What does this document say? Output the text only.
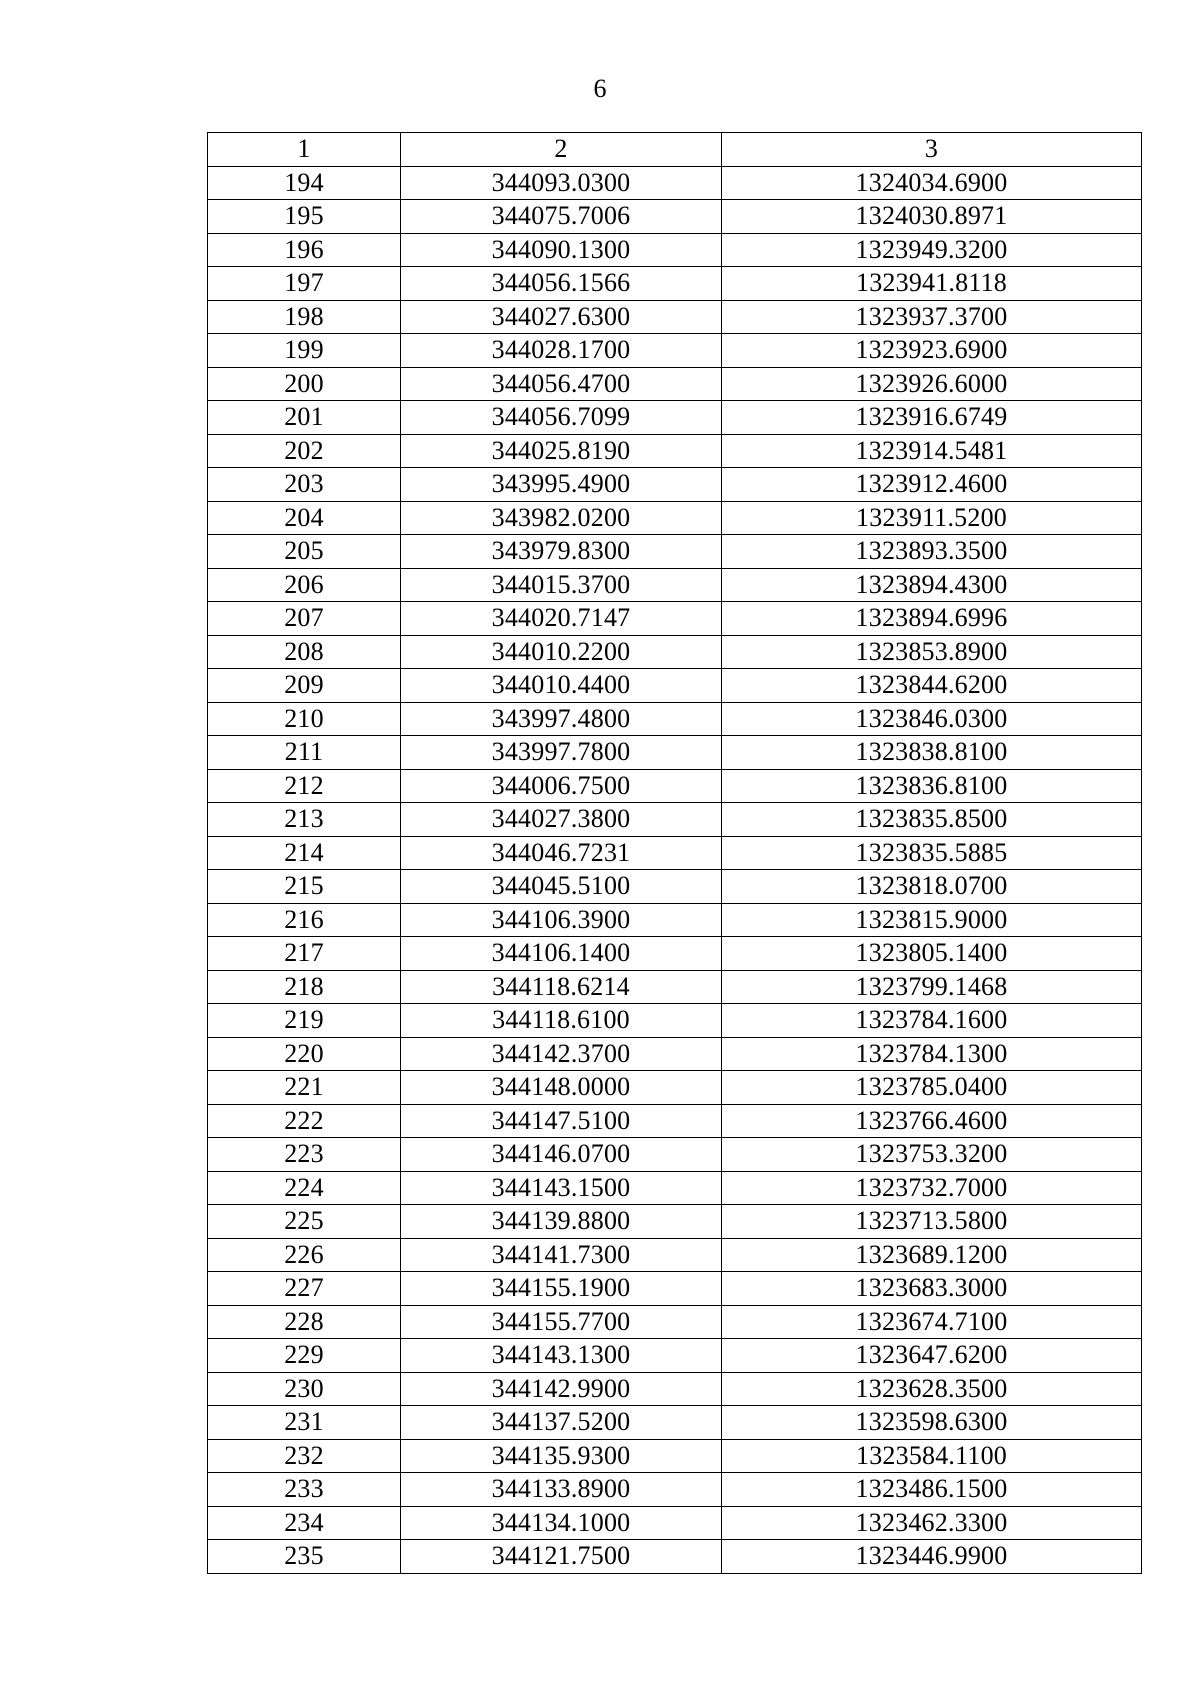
6
1	2	3
194	344093.0300	1324034.6900
195	344075.7006	1324030.8971
196	344090.1300	1323949.3200
197	344056.1566	1323941.8118
198	344027.6300	1323937.3700
199	344028.1700	1323923.6900
200	344056.4700	1323926.6000
201	344056.7099	1323916.6749
202	344025.8190	1323914.5481
203	343995.4900	1323912.4600
204	343982.0200	1323911.5200
205	343979.8300	1323893.3500
206	344015.3700	1323894.4300
207	344020.7147	1323894.6996
208	344010.2200	1323853.8900
209	344010.4400	1323844.6200
210	343997.4800	1323846.0300
211	343997.7800	1323838.8100
212	344006.7500	1323836.8100
213	344027.3800	1323835.8500
214	344046.7231	1323835.5885
215	344045.5100	1323818.0700
216	344106.3900	1323815.9000
217	344106.1400	1323805.1400
218	344118.6214	1323799.1468
219	344118.6100	1323784.1600
220	344142.3700	1323784.1300
221	344148.0000	1323785.0400
222	344147.5100	1323766.4600
223	344146.0700	1323753.3200
224	344143.1500	1323732.7000
225	344139.8800	1323713.5800
226	344141.7300	1323689.1200
227	344155.1900	1323683.3000
228	344155.7700	1323674.7100
229	344143.1300	1323647.6200
230	344142.9900	1323628.3500
231	344137.5200	1323598.6300
232	344135.9300	1323584.1100
233	344133.8900	1323486.1500
234	344134.1000	1323462.3300
235	344121.7500	1323446.9900
